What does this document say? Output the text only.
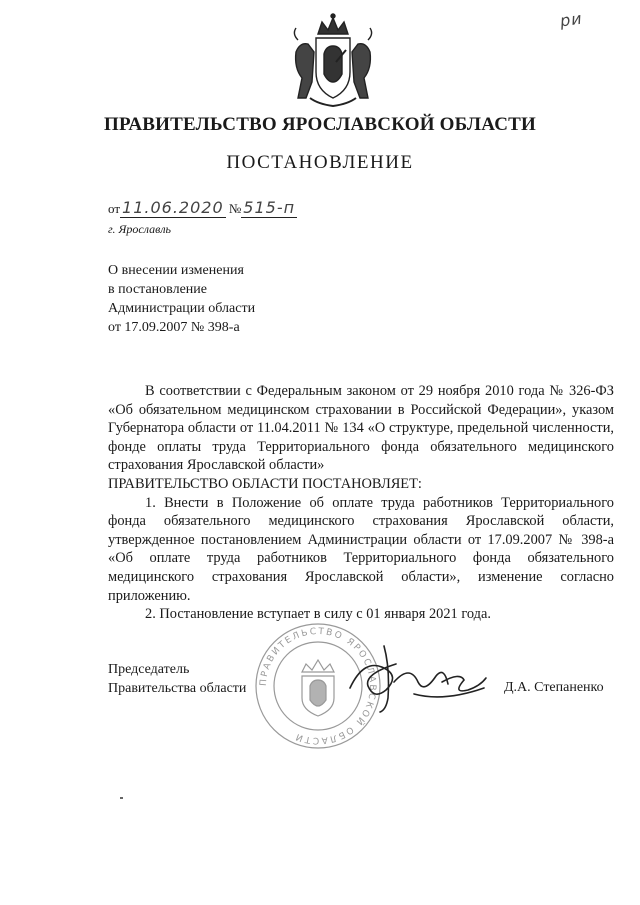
ри
ПРАВИТЕЛЬСТВО ЯРОСЛАВСКОЙ ОБЛАСТИ
ПОСТАНОВЛЕНИЕ
от 11.06.2020 № 515-п
г. Ярославль
О внесении изменения
в постановление
Администрации области
от 17.09.2007 № 398-а

В соответствии с Федеральным законом от 29 ноября 2010 года № 326-ФЗ «Об обязательном медицинском страховании в Российской Федерации», указом Губернатора области от 11.04.2011 № 134 «О структуре, предельной численности, фонде оплаты труда Территориального фонда обязательного медицинского страхования Ярославской области»

ПРАВИТЕЛЬСТВО ОБЛАСТИ ПОСТАНОВЛЯЕТ:

1. Внести в Положение об оплате труда работников Территориального фонда обязательного медицинского страхования Ярославской области, утвержденное постановлением Администрации области от 17.09.2007 № 398-а «Об оплате труда работников Территориального фонда обязательного медицинского страхования Ярославской области», изменение согласно приложению.

2. Постановление вступает в силу с 01 января 2021 года.

ПРАВИТЕЛЬСТВО ЯРОСЛАВСКОЙ ОБЛАСТИ
Председатель
Правительства области	Д.А. Степаненко
